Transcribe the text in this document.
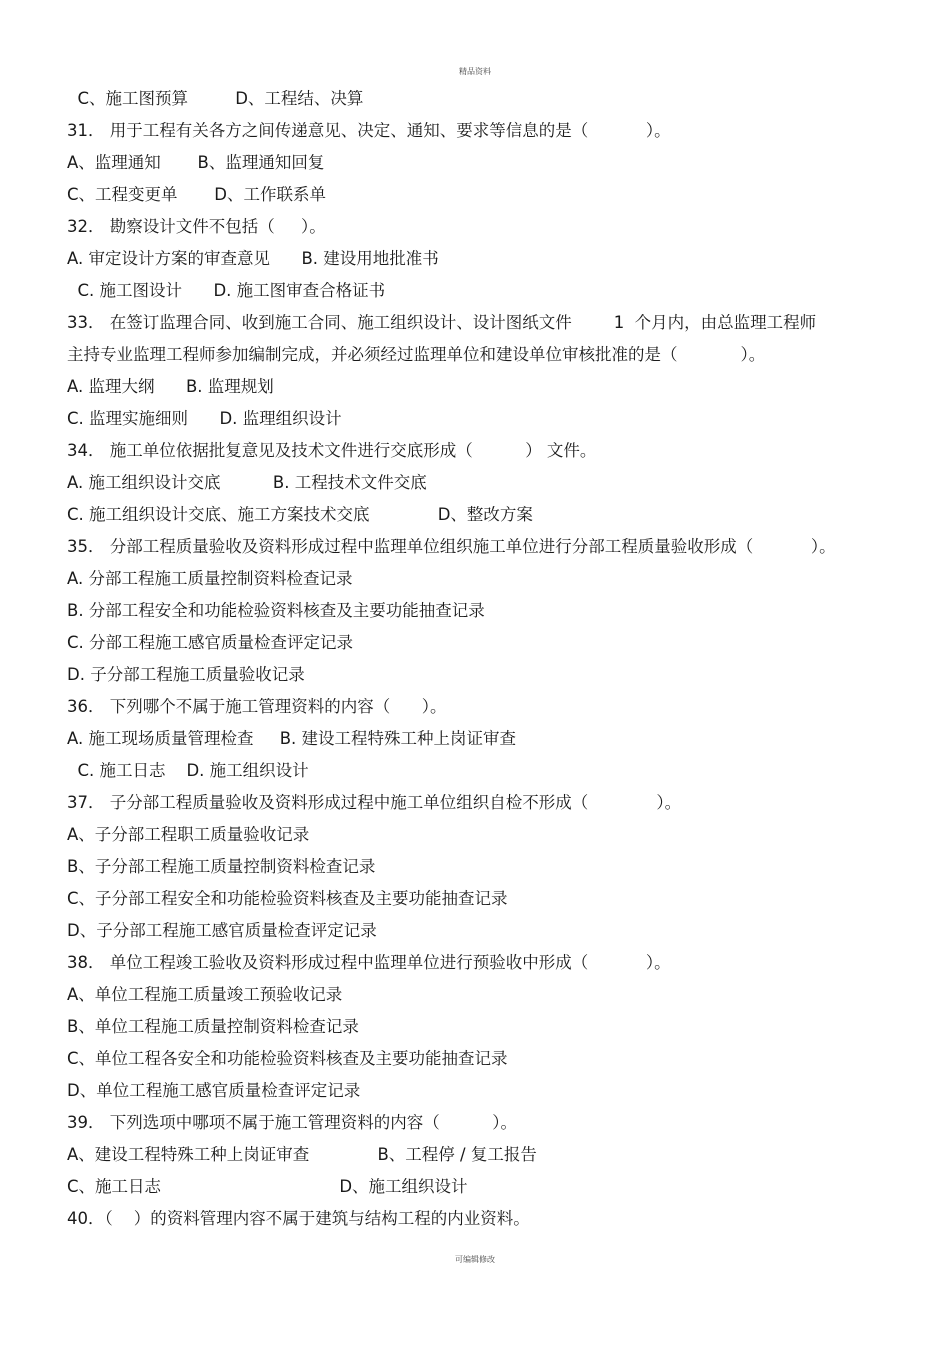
精品资料
C、施工图预算         D、工程结、决算
31． 用于工程有关各方之间传递意见、决定、通知、要求等信息的是（           ）。
A、监理通知       B、监理通知回复
C、工程变更单       D、工作联系单
32． 勘察设计文件不包括（     ）。
A. 审定设计方案的审查意见      B. 建设用地批准书
C. 施工图设计      D. 施工图审查合格证书
33． 在签订监理合同、收到施工合同、施工组织设计、设计图纸文件        1  个月内，由总监理工程师
主持专业监理工程师参加编制完成，并必须经过监理单位和建设单位审核批准的是（            ）。
A. 监理大纲      B. 监理规划
C. 监理实施细则      D. 监理组织设计
34． 施工单位依据批复意见及技术文件进行交底形成（          ） 文件。
A. 施工组织设计交底          B. 工程技术文件交底
C. 施工组织设计交底、施工方案技术交底             D、整改方案
35． 分部工程质量验收及资料形成过程中监理单位组织施工单位进行分部工程质量验收形成（           ）。
A. 分部工程施工质量控制资料检查记录
B. 分部工程安全和功能检验资料核查及主要功能抽查记录
C. 分部工程施工感官质量检查评定记录
D. 子分部工程施工质量验收记录
36． 下列哪个不属于施工管理资料的内容（      ）。
A. 施工现场质量管理检查     B. 建设工程特殊工种上岗证审查
C. 施工日志    D. 施工组织设计
37． 子分部工程质量验收及资料形成过程中施工单位组织自检不形成（             ）。
A、子分部工程职工质量验收记录
B、子分部工程施工质量控制资料检查记录
C、子分部工程安全和功能检验资料核查及主要功能抽查记录
D、子分部工程施工感官质量检查评定记录
38． 单位工程竣工验收及资料形成过程中监理单位进行预验收中形成（           ）。
A、单位工程施工质量竣工预验收记录
B、单位工程施工质量控制资料检查记录
C、单位工程各安全和功能检验资料核查及主要功能抽查记录
D、单位工程施工感官质量检查评定记录
39． 下列选项中哪项不属于施工管理资料的内容（          ）。
A、建设工程特殊工种上岗证审查             B、工程停 / 复工报告
C、施工日志                                  D、施工组织设计
40．（    ）的资料管理内容不属于建筑与结构工程的内业资料。
可编辑修改
